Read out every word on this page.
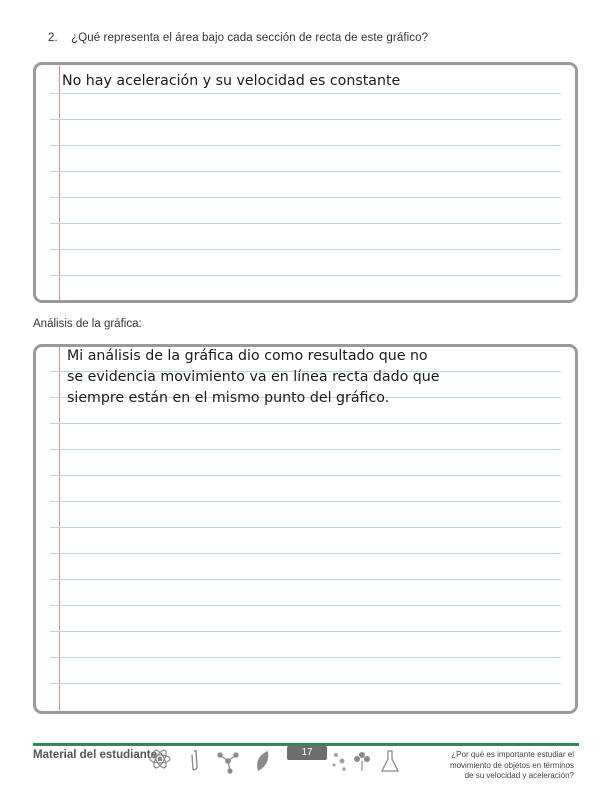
2. ¿Qué representa el área bajo cada sección de recta de este gráfico?
No hay aceleración y su velocidad es constante
Análisis de la gráfica:
Mi análisis de la gráfica dio como resultado que no
se evidencia movimiento va en línea recta dado que
siempre están en el mismo punto del gráfico.
Material del estudiante	17	¿Por qué es importante estudiar el
movimiento de objetos en términos
de su velocidad y aceleración?
